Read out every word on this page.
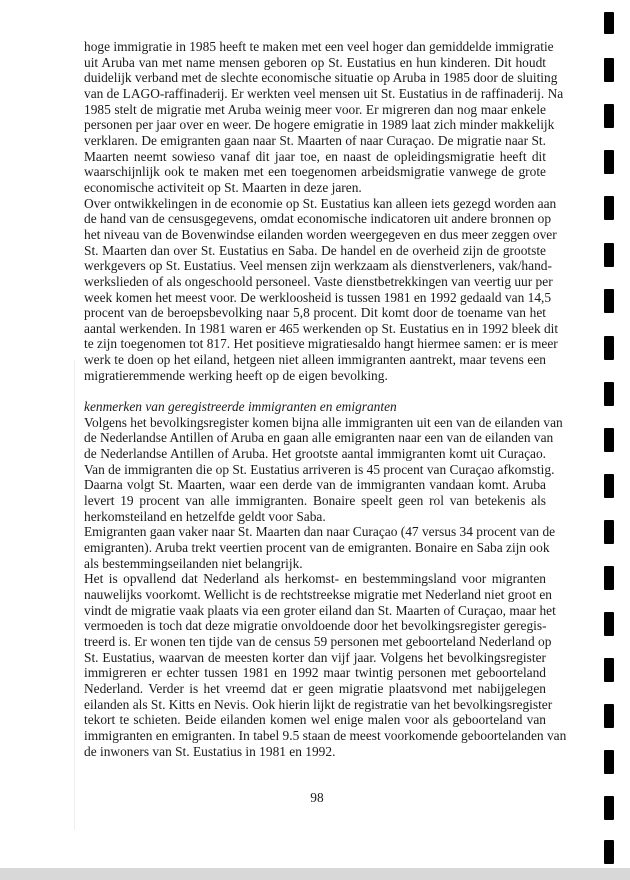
hoge immigratie in 1985 heeft te maken met een veel hoger dan gemiddelde immigratie
uit Aruba van met name mensen geboren op St. Eustatius en hun kinderen. Dit houdt
duidelijk verband met de slechte economische situatie op Aruba in 1985 door de sluiting
van de LAGO-raffinaderij. Er werkten veel mensen uit St. Eustatius in de raffinaderij. Na
1985 stelt de migratie met Aruba weinig meer voor. Er migreren dan nog maar enkele
personen per jaar over en weer. De hogere emigratie in 1989 laat zich minder makkelijk
verklaren. De emigranten gaan naar St. Maarten of naar Curaçao. De migratie naar St.
Maarten neemt sowieso vanaf dit jaar toe, en naast de opleidingsmigratie heeft dit
waarschijnlijk ook te maken met een toegenomen arbeidsmigratie vanwege de grote
economische activiteit op St. Maarten in deze jaren.
Over ontwikkelingen in de economie op St. Eustatius kan alleen iets gezegd worden aan
de hand van de censusgegevens, omdat economische indicatoren uit andere bronnen op
het niveau van de Bovenwindse eilanden worden weergegeven en dus meer zeggen over
St. Maarten dan over St. Eustatius en Saba. De handel en de overheid zijn de grootste
werkgevers op St. Eustatius. Veel mensen zijn werkzaam als dienstverleners, vak/hand-
werkslieden of als ongeschoold personeel. Vaste dienstbetrekkingen van veertig uur per
week komen het meest voor. De werkloosheid is tussen 1981 en 1992 gedaald van 14,5
procent van de beroepsbevolking naar 5,8 procent. Dit komt door de toename van het
aantal werkenden. In 1981 waren er 465 werkenden op St. Eustatius en in 1992 bleek dit
te zijn toegenomen tot 817. Het positieve migratiesaldo hangt hiermee samen: er is meer
werk te doen op het eiland, hetgeen niet alleen immigranten aantrekt, maar tevens een
migratieremmende werking heeft op de eigen bevolking.
kenmerken van geregistreerde immigranten en emigranten
Volgens het bevolkingsregister komen bijna alle immigranten uit een van de eilanden van
de Nederlandse Antillen of Aruba en gaan alle emigranten naar een van de eilanden van
de Nederlandse Antillen of Aruba. Het grootste aantal immigranten komt uit Curaçao.
Van de immigranten die op St. Eustatius arriveren is 45 procent van Curaçao afkomstig.
Daarna volgt St. Maarten, waar een derde van de immigranten vandaan komt. Aruba
levert 19 procent van alle immigranten. Bonaire speelt geen rol van betekenis als
herkomsteiland en hetzelfde geldt voor Saba.
Emigranten gaan vaker naar St. Maarten dan naar Curaçao (47 versus 34 procent van de
emigranten). Aruba trekt veertien procent van de emigranten. Bonaire en Saba zijn ook
als bestemmingseilanden niet belangrijk.
Het is opvallend dat Nederland als herkomst- en bestemmingsland voor migranten
nauwelijks voorkomt. Wellicht is de rechtstreekse migratie met Nederland niet groot en
vindt de migratie vaak plaats via een groter eiland dan St. Maarten of Curaçao, maar het
vermoeden is toch dat deze migratie onvoldoende door het bevolkingsregister geregis-
treerd is. Er wonen ten tijde van de census 59 personen met geboorteland Nederland op
St. Eustatius, waarvan de meesten korter dan vijf jaar. Volgens het bevolkingsregister
immigreren er echter tussen 1981 en 1992 maar twintig personen met geboorteland
Nederland. Verder is het vreemd dat er geen migratie plaatsvond met nabijgelegen
eilanden als St. Kitts en Nevis. Ook hierin lijkt de registratie van het bevolkingsregister
tekort te schieten. Beide eilanden komen wel enige malen voor als geboorteland van
immigranten en emigranten. In tabel 9.5 staan de meest voorkomende geboortelanden van
de inwoners van St. Eustatius in 1981 en 1992.
98
